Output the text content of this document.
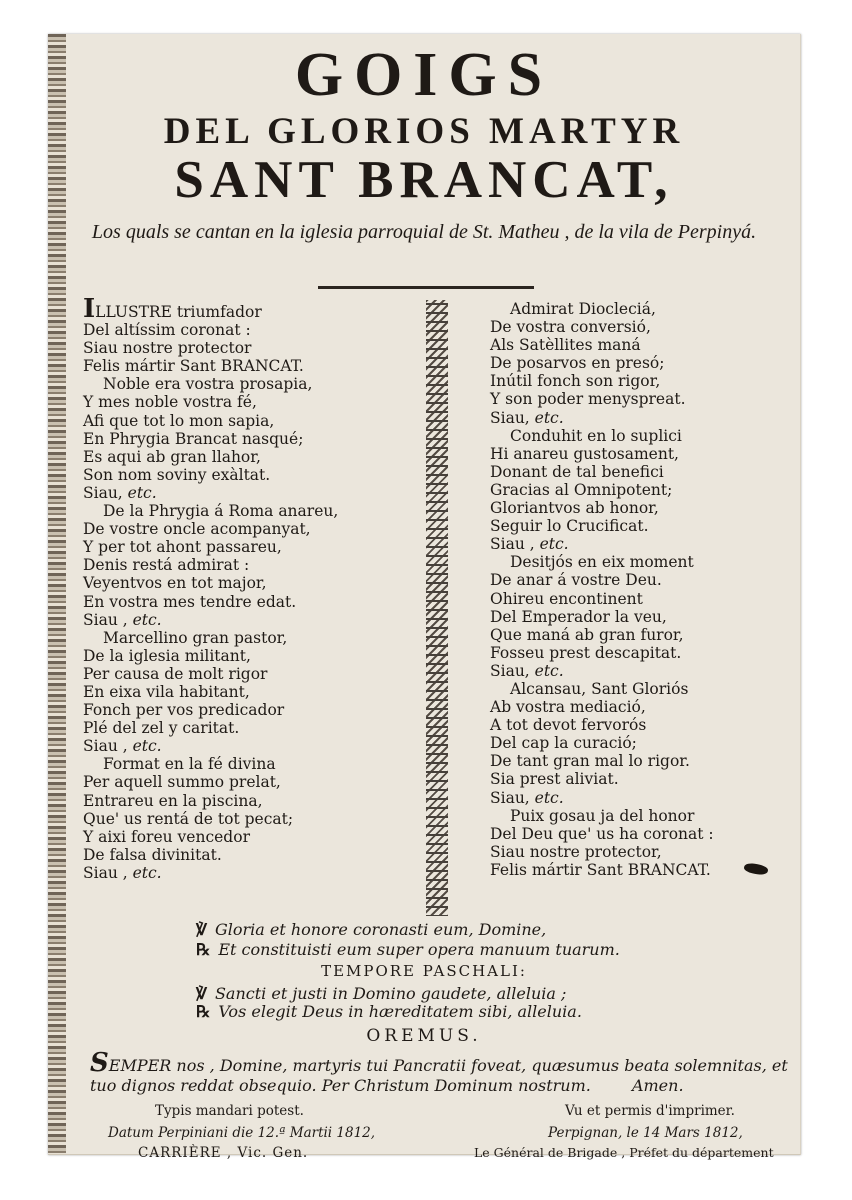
GOIGS
DEL GLORIOS MARTYR
SANT BRANCAT,
Los quals se cantan en la iglesia parroquial de St. Matheu , de la vila de Perpinyá.
ILLUSTRE triumfador
Del altíssim coronat :
Siau nostre protector
Felis mártir Sant BRANCAT.
Noble era vostra prosapia,
Y mes noble vostra fé,
Afi que tot lo mon sapia,
En Phrygia Brancat nasqué;
Es aqui ab gran llahor,
Son nom soviny exàltat.
Siau, etc.
De la Phrygia á Roma anareu,
De vostre oncle acompanyat,
Y per tot ahont passareu,
Denis restá admirat :
Veyentvos en tot major,
En vostra mes tendre edat.
Siau , etc.
Marcellino gran pastor,
De la iglesia militant,
Per causa de molt rigor
En eixa vila habitant,
Fonch per vos predicador
Plé del zel y caritat.
Siau , etc.
Format en la fé divina
Per aquell summo prelat,
Entrareu en la piscina,
Que' us rentá de tot pecat;
Y aixi foreu vencedor
De falsa divinitat.
Siau , etc.
Admirat Diocleciá,
De vostra conversió,
Als Satèllites maná
De posarvos en presó;
Inútil fonch son rigor,
Y son poder menyspreat.
Siau, etc.
Conduhit en lo suplici
Hi anareu gustosament,
Donant de tal benefici
Gracias al Omnipotent;
Gloriantvos ab honor,
Seguir lo Crucificat.
Siau , etc.
Desitjós en eix moment
De anar á vostre Deu.
Ohireu encontinent
Del Emperador la veu,
Que maná ab gran furor,
Fosseu prest descapitat.
Siau, etc.
Alcansau, Sant Gloriós
Ab vostra mediació,
A tot devot fervorós
Del cap la curació;
De tant gran mal lo rigor.
Sia prest aliviat.
Siau, etc.
Puix gosau ja del honor
Del Deu que' us ha coronat :
Siau nostre protector,
Felis mártir Sant BRANCAT.
℣ Gloria et honore coronasti eum, Domine,
℞ Et constituisti eum super opera manuum tuarum.
TEMPORE PASCHALI:
℣ Sancti et justi in Domino gaudete, alleluia ;
℞ Vos elegit Deus in hæreditatem sibi, alleluia.
OREMUS.
SEMPER nos , Domine, martyris tui Pancratii foveat, quæsumus beata solemnitas, et tuo dignos reddat obsequio. Per Christum Dominum nostrum.	Amen.
Typis mandari potest.
Datum Perpiniani die 12.ª Martii 1812,
CARRIÈRE , Vic. Gen.
Vu et permis d'imprimer.
Perpignan, le 14 Mars 1812,
Le Général de Brigade , Préfet du département
